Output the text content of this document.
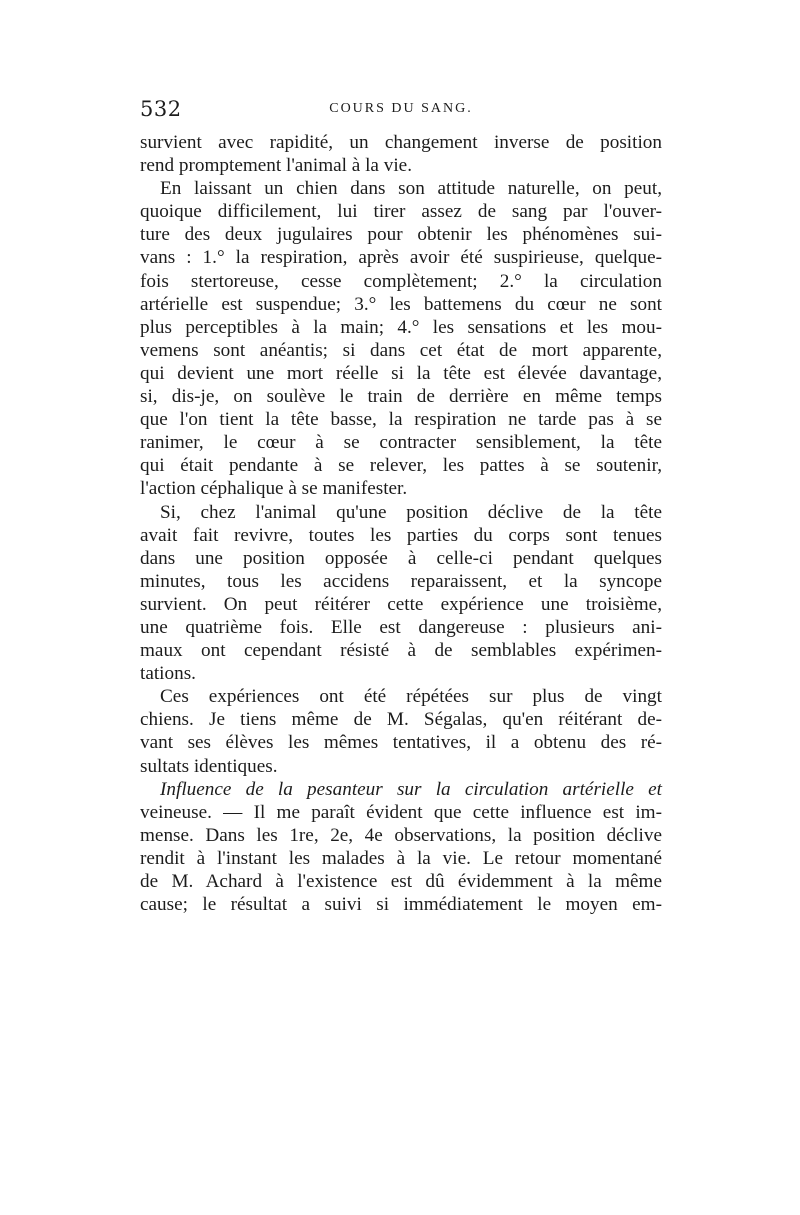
532	COURS DU SANG.
survient avec rapidité, un changement inverse de position
rend promptement l'animal à la vie.
En laissant un chien dans son attitude naturelle, on peut,
quoique difficilement, lui tirer assez de sang par l'ouver-
ture des deux jugulaires pour obtenir les phénomènes sui-
vans : 1.° la respiration, après avoir été suspirieuse, quelque-
fois stertoreuse, cesse complètement; 2.° la circulation
artérielle est suspendue; 3.° les battemens du cœur ne sont
plus perceptibles à la main; 4.° les sensations et les mou-
vemens sont anéantis; si dans cet état de mort apparente,
qui devient une mort réelle si la tête est élevée davantage,
si, dis-je, on soulève le train de derrière en même temps
que l'on tient la tête basse, la respiration ne tarde pas à se
ranimer, le cœur à se contracter sensiblement, la tête
qui était pendante à se relever, les pattes à se soutenir,
l'action céphalique à se manifester.
Si, chez l'animal qu'une position déclive de la tête
avait fait revivre, toutes les parties du corps sont tenues
dans une position opposée à celle-ci pendant quelques
minutes, tous les accidens reparaissent, et la syncope
survient. On peut réitérer cette expérience une troisième,
une quatrième fois. Elle est dangereuse : plusieurs ani-
maux ont cependant résisté à de semblables expérimen-
tations.
Ces expériences ont été répétées sur plus de vingt
chiens. Je tiens même de M. Ségalas, qu'en réitérant de-
vant ses élèves les mêmes tentatives, il a obtenu des ré-
sultats identiques.
Influence de la pesanteur sur la circulation artérielle et
veineuse. — Il me paraît évident que cette influence est im-
mense. Dans les 1re, 2e, 4e observations, la position déclive
rendit à l'instant les malades à la vie. Le retour momentané
de M. Achard à l'existence est dû évidemment à la même
cause; le résultat a suivi si immédiatement le moyen em-
